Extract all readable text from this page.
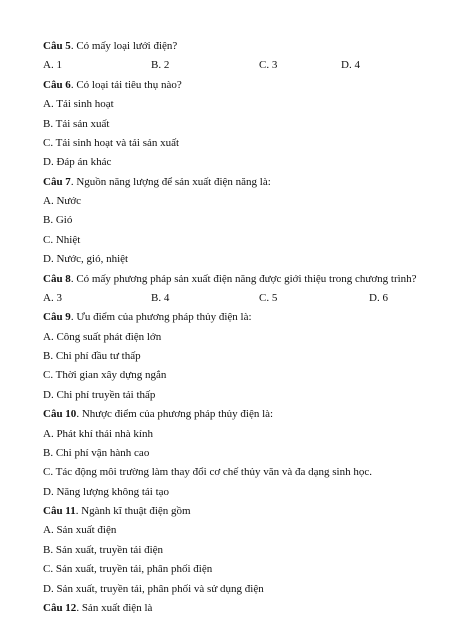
Câu 5. Có mấy loại lưới điện?
A. 1	B. 2	C. 3	D. 4
Câu 6. Có loại tải tiêu thụ nào?
A. Tải sinh hoạt
B. Tải sản xuất
C. Tải sinh hoạt và tải sản xuất
D. Đáp án khác
Câu 7. Nguồn năng lượng để sản xuất điện năng là:
A. Nước
B. Gió
C. Nhiệt
D. Nước, gió, nhiệt
Câu 8. Có mấy phương pháp sản xuất điện năng được giới thiệu trong chương trình?
A. 3	B. 4	C. 5	D. 6
Câu 9. Ưu điểm của phương pháp thủy điện là:
A. Công suất phát điện lớn
B. Chi phí đầu tư thấp
C. Thời gian xây dựng ngắn
D. Chi phí truyền tải thấp
Câu 10. Nhược điểm của phương pháp thủy điện là:
A. Phát khí thải nhà kính
B. Chi phí vận hành cao
C. Tác động môi trường làm thay đổi cơ chế thủy văn và đa dạng sinh học.
D. Năng lượng không tái tạo
Câu 11. Ngành kĩ thuật điện gồm
A. Sản xuất điện
B. Sản xuất, truyền tải điện
C. Sản xuất, truyền tải, phân phối điện
D. Sản xuất, truyền tải, phân phối và sử dụng điện
Câu 12. Sản xuất điện là
